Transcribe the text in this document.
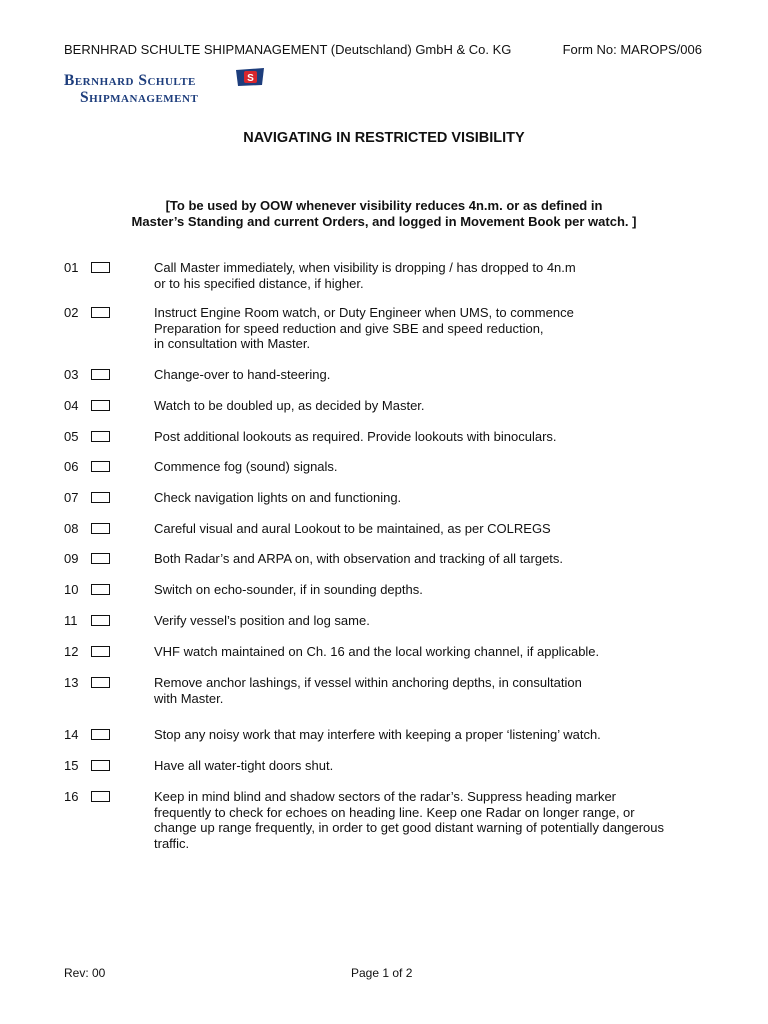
BERNHRAD SCHULTE SHIPMANAGEMENT (Deutschland) GmbH & Co. KG	Form No: MAROPS/006
Bernhard Schulte
Shipmanagement
S
NAVIGATING IN RESTRICTED VISIBILITY
[To be used by OOW whenever visibility reduces 4n.m. or as defined in
Master’s Standing and current Orders, and logged in Movement Book per watch. ]
01	Call Master immediately, when visibility is dropping / has dropped to 4n.m
or to his specified distance, if higher.
02	Instruct Engine Room watch, or Duty Engineer when UMS, to commence
Preparation for speed reduction and give SBE and speed reduction,
in consultation with Master.
03	Change-over to hand-steering.
04	Watch to be doubled up, as decided by Master.
05	Post additional lookouts as required. Provide lookouts with binoculars.
06	Commence fog (sound) signals.
07	Check navigation lights on and functioning.
08	Careful visual and aural Lookout to be maintained, as per COLREGS
09	Both Radar’s and ARPA on, with observation and tracking of all targets.
10	Switch on echo-sounder, if in sounding depths.
11	Verify vessel’s position and log same.
12	VHF watch maintained on Ch. 16 and the local working channel, if applicable.
13	Remove anchor lashings, if vessel within anchoring depths, in consultation
with Master.
14	Stop any noisy work that may interfere with keeping a proper ‘listening’ watch.
15	Have all water-tight doors shut.
16	Keep in mind blind and shadow sectors of the radar’s. Suppress heading marker
frequently to check for echoes on heading line. Keep one Radar on longer range, or
change up range frequently, in order to get good distant warning of potentially dangerous
traffic.
Rev: 00	Page 1 of 2
